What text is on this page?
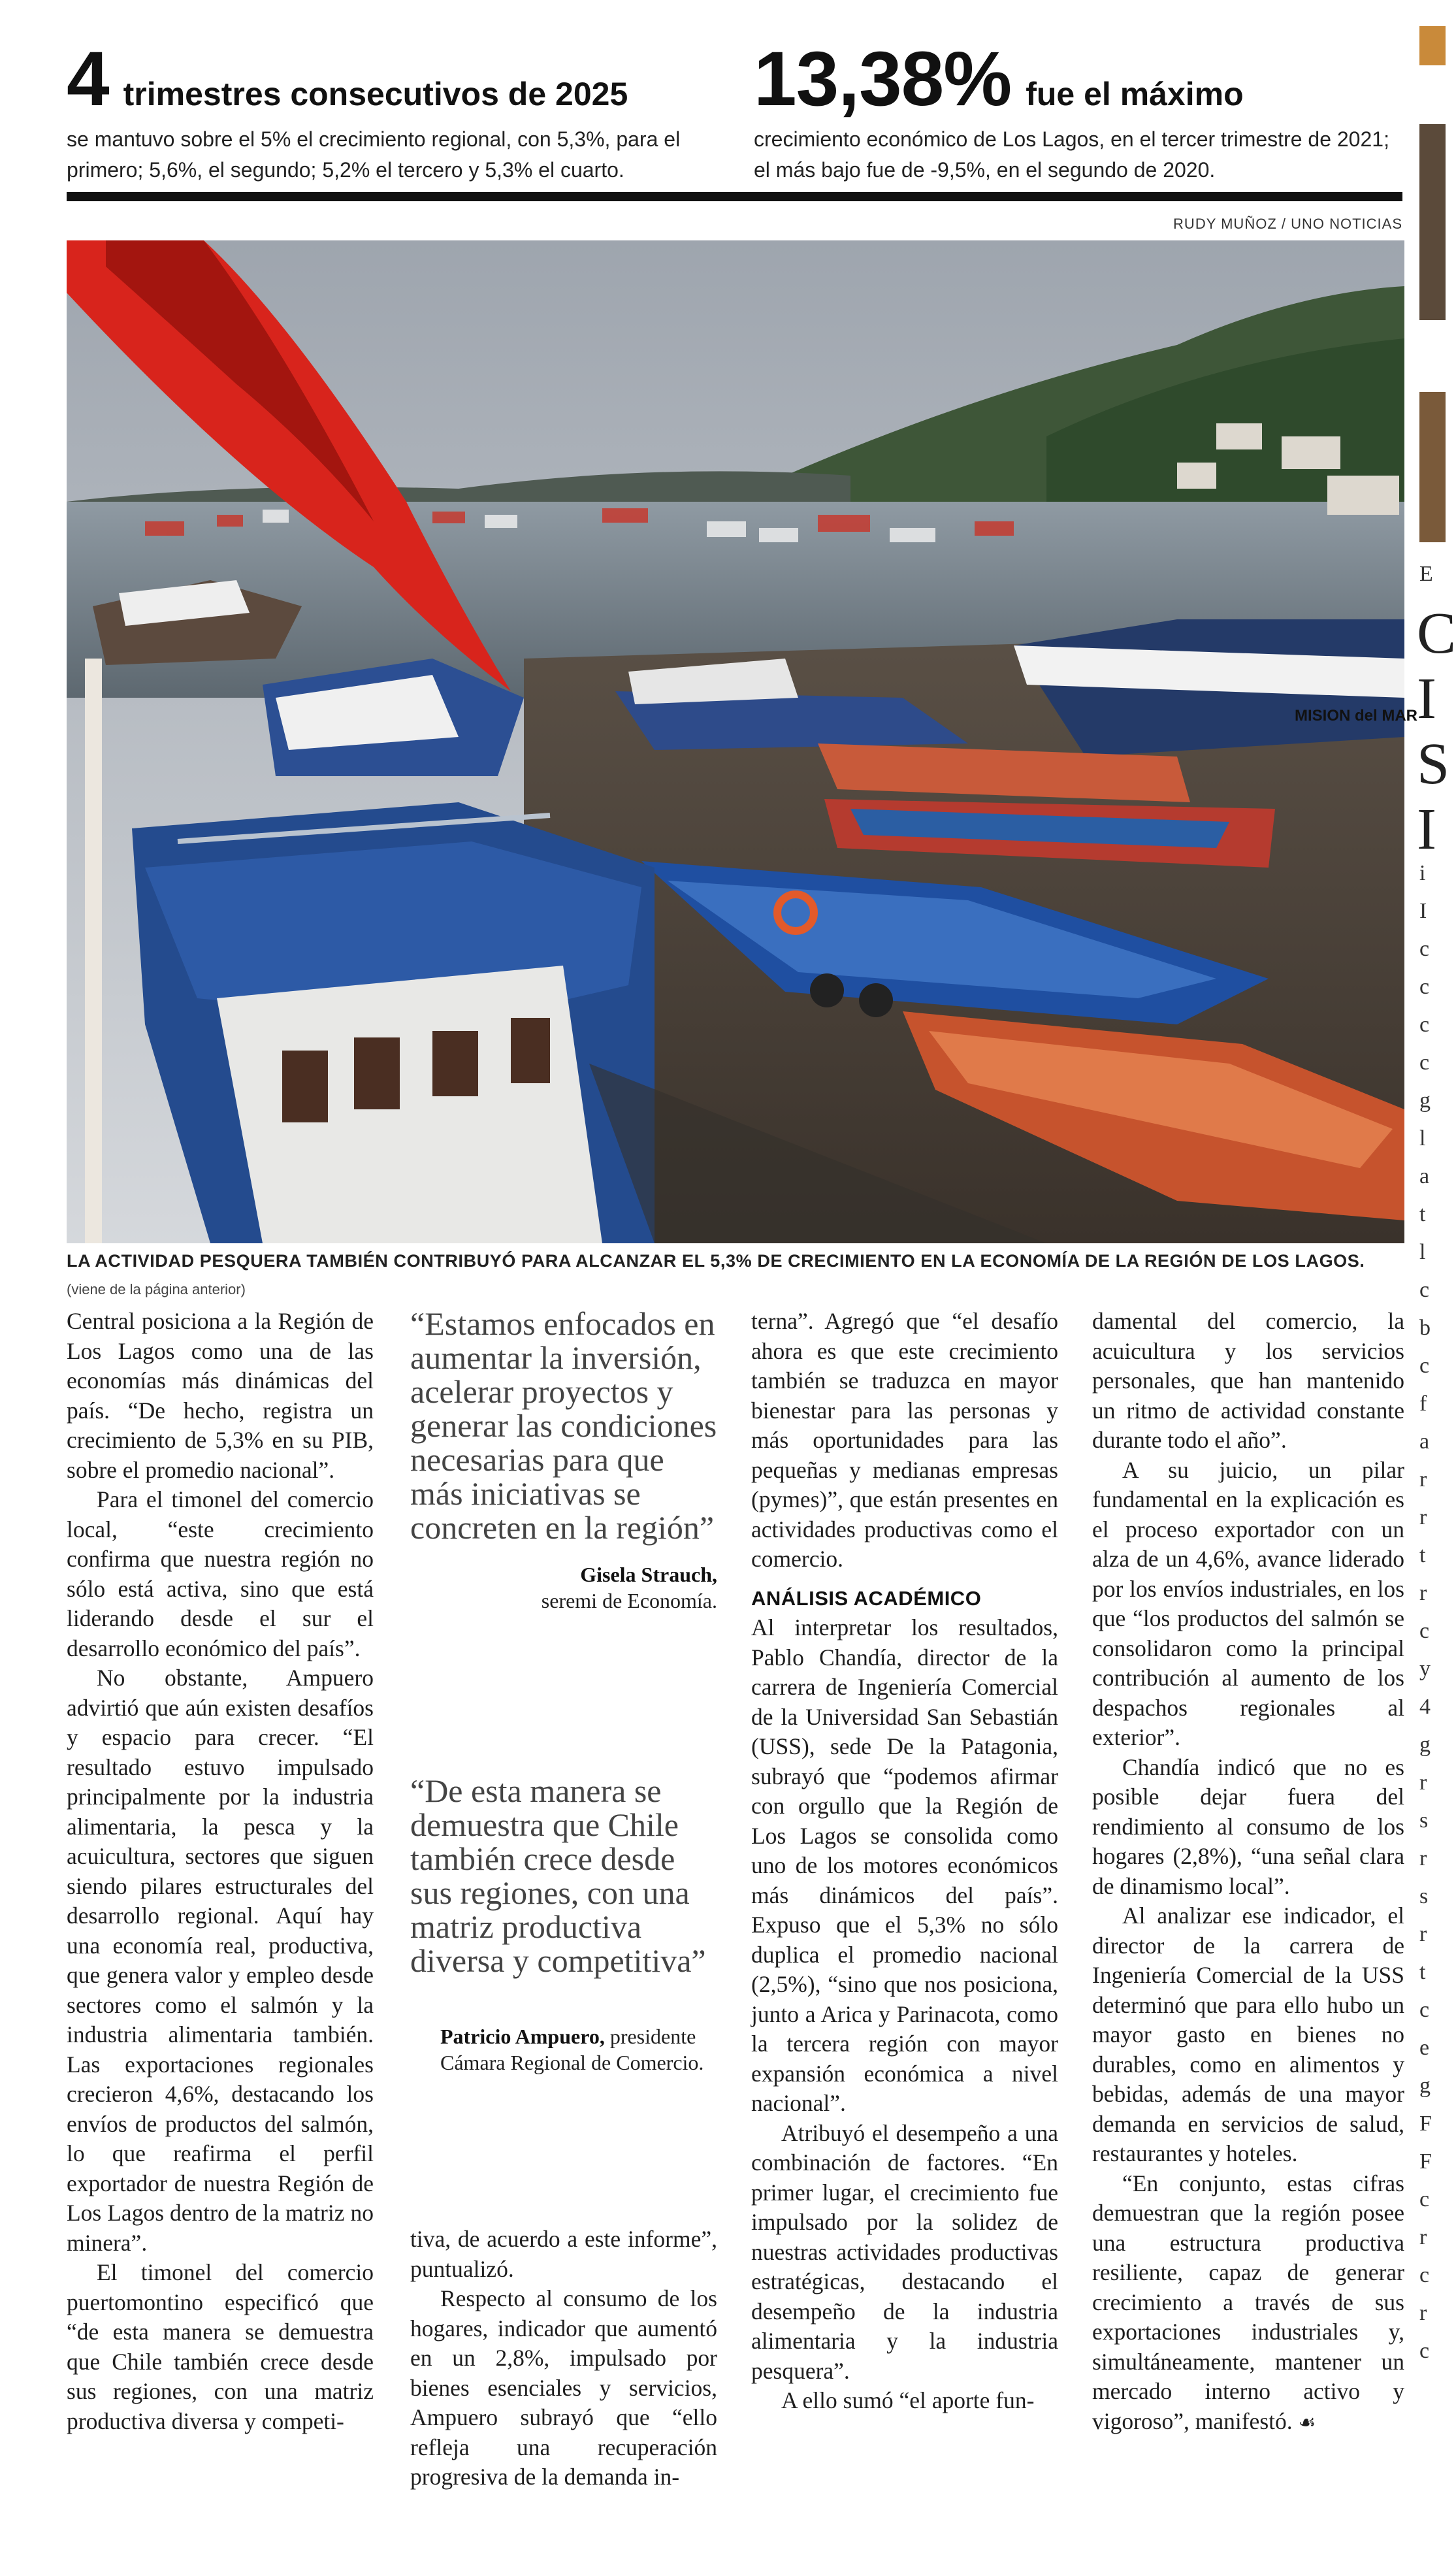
4 trimestres consecutivos de 2025
se mantuvo sobre el 5% el crecimiento regional, con 5,3%, para el primero; 5,6%, el segundo; 5,2% el tercero y 5,3% el cuarto.
13,38% fue el máximo
crecimiento económico de Los Lagos, en el tercer trimestre de 2021; el más bajo fue de -9,5%, en el segundo de 2020.
RUDY MUÑOZ / UNO NOTICIAS
MISION del MAR
LA ACTIVIDAD PESQUERA TAMBIÉN CONTRIBUYÓ PARA ALCANZAR EL 5,3% DE CRECIMIENTO EN LA ECONOMÍA DE LA REGIÓN DE LOS LAGOS.
(viene de la página anterior)

Central posiciona a la Región de Los Lagos como una de las economías más dinámicas del país. “De hecho, registra un crecimiento de 5,3% en su PIB, sobre el promedio nacional”.

Para el timonel del comercio local, “este crecimiento confirma que nuestra región no sólo está activa, sino que está liderando desde el sur el desarrollo económico del país”.

No obstante, Ampuero advirtió que aún existen desafíos y espacio para crecer. “El resultado estuvo impulsado principalmente por la industria alimentaria, la pesca y la acuicultura, sectores que siguen siendo pilares estructurales del desarrollo regional. Aquí hay una economía real, productiva, que genera valor y empleo desde sectores como el salmón y la industria alimentaria también. Las exportaciones regionales crecieron 4,6%, destacando los envíos de productos del salmón, lo que reafirma el perfil exportador de nuestra Región de Los Lagos dentro de la matriz no minera”.

El timonel del comercio puertomontino especificó que “de esta manera se demuestra que Chile también crece desde sus regiones, con una matriz productiva diversa y competi-

“Estamos enfocados en aumentar la inversión, acelerar proyectos y generar las condiciones necesarias para que más iniciativas se concreten en la región”

Gisela Strauch,

seremi de Economía.

“De esta manera se demuestra que Chile también crece desde sus regiones, con una matriz productiva diversa y competitiva”

Patricio Ampuero, presidente

Cámara Regional de Comercio.

tiva, de acuerdo a este informe”, puntualizó.

Respecto al consumo de los hogares, indicador que aumentó en un 2,8%, impulsado por bienes esenciales y servicios, Ampuero subrayó que “ello refleja una recuperación progresiva de la demanda in-

terna”. Agregó que “el desafío ahora es que este crecimiento también se traduzca en mayor bienestar para las personas y más oportunidades para las pequeñas y medianas empresas (pymes)”, que están presentes en actividades productivas como el comercio.

ANÁLISIS ACADÉMICO

Al interpretar los resultados, Pablo Chandía, director de la carrera de Ingeniería Comercial de la Universidad San Sebastián (USS), sede De la Patagonia, subrayó que “podemos afirmar con orgullo que la Región de Los Lagos se consolida como uno de los motores económicos más dinámicos del país”. Expuso que el 5,3% no sólo duplica el promedio nacional (2,5%), “sino que nos posiciona, junto a Arica y Parinacota, como la tercera región con mayor expansión económica a nivel nacional”.

Atribuyó el desempeño a una combinación de factores. “En primer lugar, el crecimiento fue impulsado por la solidez de nuestras actividades productivas estratégicas, destacando el desempeño de la industria alimentaria y la industria pesquera”.

A ello sumó “el aporte fun-

damental del comercio, la acuicultura y los servicios personales, que han mantenido un ritmo de actividad constante durante todo el año”.

A su juicio, un pilar fundamental en la explicación es el proceso exportador con un alza de un 4,6%, avance liderado por los envíos industriales, en los que “los productos del salmón se consolidaron como la principal contribución al aumento de los despachos regionales al exterior”.

Chandía indicó que no es posible dejar fuera del rendimiento al consumo de los hogares (2,8%), “una señal clara de dinamismo local”.

Al analizar ese indicador, el director de la carrera de Ingeniería Comercial de la USS determinó que para ello hubo un mayor gasto en bienes no durables, como en alimentos y bebidas, además de una mayor demanda en servicios de salud, restaurantes y hoteles.

“En conjunto, estas cifras demuestran que la región posee una estructura productiva resiliente, capaz de generar crecimiento a través de sus exportaciones industriales y, simultáneamente, mantener un mercado interno activo y vigoroso”, manifestó. ☙

E
C
I
S
I
i
I
c
c
c
c
g
l
a
t
l
c
b
c
f
a
r
r
t
r
c
y
4
g
r
s
r
s
r
t
c
e
g
F
F
c
r
c
r
c
